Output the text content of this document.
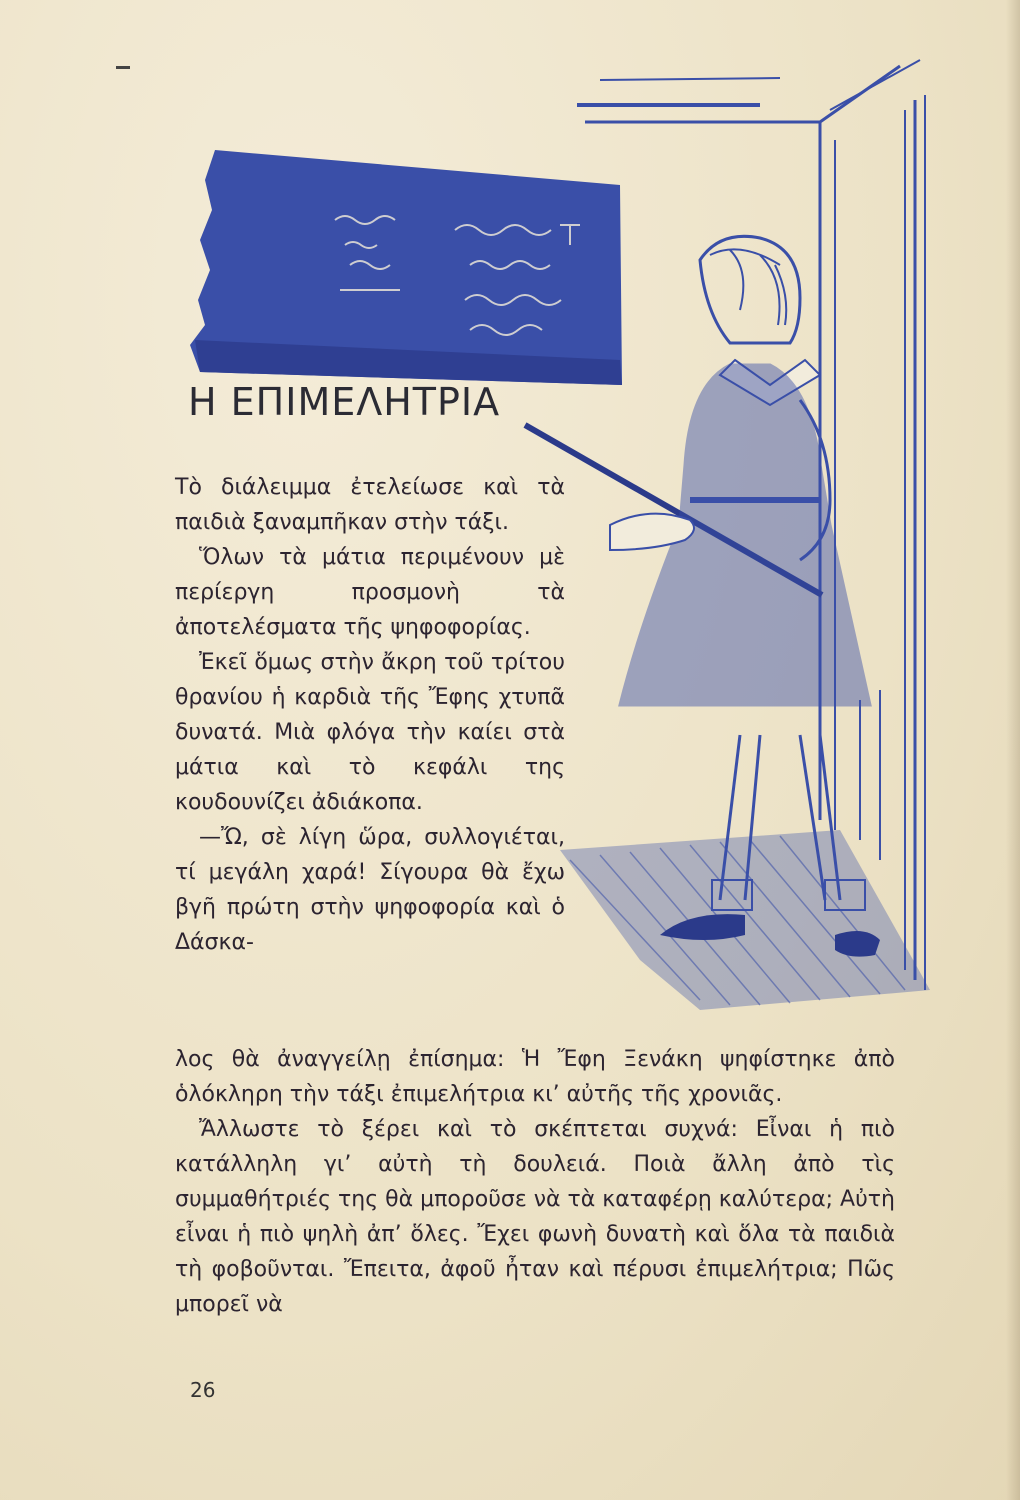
Η ΕΠΙΜΕΛΗΤΡΙΑ

Τὸ διάλειμμα ἐτελείωσε καὶ τὰ παιδιὰ ξαναμπῆκαν στὴν τάξι.

Ὅλων τὰ μάτια περιμένουν μὲ περίεργη προσμονὴ τὰ ἀποτελέσματα τῆς ψηφοφορίας.

Ἐκεῖ ὅμως στὴν ἄκρη τοῦ τρίτου θρανίου ἡ καρδιὰ τῆς Ἔφης χτυπᾶ δυνατά. Μιὰ φλόγα τὴν καίει στὰ μάτια καὶ τὸ κεφάλι της κουδουνίζει ἀδιάκοπα.

—Ὤ, σὲ λίγη ὥρα, συλλογιέται, τί μεγάλη χαρά! Σίγουρα θὰ ἔχω βγῆ πρώτη στὴν ψηφοφορία καὶ ὁ Δάσκα-

λος θὰ ἀναγγείλῃ ἐπίσημα: Ἡ Ἔφη Ξενάκη ψηφίστηκε ἀπὸ ὁλόκληρη τὴν τάξι ἐπιμελήτρια κι’ αὐτῆς τῆς χρονιᾶς.

Ἄλλωστε τὸ ξέρει καὶ τὸ σκέπτεται συχνά: Εἶναι ἡ πιὸ κατάλληλη γι’ αὐτὴ τὴ δουλειά. Ποιὰ ἄλλη ἀπὸ τὶς συμμαθήτριές της θὰ μποροῦσε νὰ τὰ καταφέρῃ καλύτερα; Αὐτὴ εἶναι ἡ πιὸ ψηλὴ ἀπ’ ὅλες. Ἔχει φωνὴ δυνατὴ καὶ ὅλα τὰ παιδιὰ τὴ φοβοῦνται. Ἔπειτα, ἀφοῦ ἦταν καὶ πέρυσι ἐπιμελήτρια; Πῶς μπορεῖ νὰ

26
